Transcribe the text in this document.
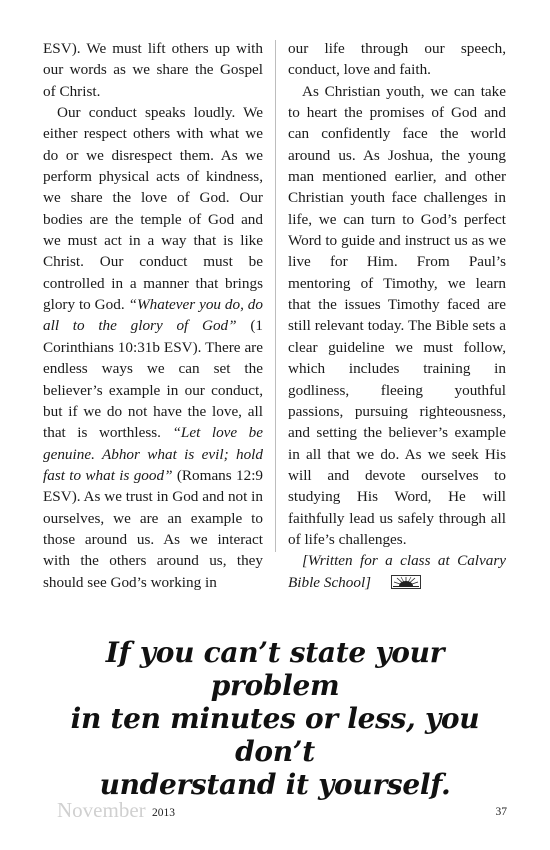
ESV). We must lift others up with our words as we share the Gospel of Christ.

Our conduct speaks loudly. We either respect others with what we do or we disrespect them. As we perform physical acts of kindness, we share the love of God. Our bodies are the temple of God and we must act in a way that is like Christ. Our conduct must be controlled in a manner that brings glory to God. “Whatever you do, do all to the glory of God” (1 Corinthians 10:31b ESV). There are endless ways we can set the believer’s example in our conduct, but if we do not have the love, all that is worthless. “Let love be genuine. Abhor what is evil; hold fast to what is good” (Romans 12:9 ESV). As we trust in God and not in ourselves, we are an example to those around us. As we interact with the others around us, they should see God’s working in

our life through our speech, conduct, love and faith.

As Christian youth, we can take to heart the promises of God and can confidently face the world around us. As Joshua, the young man mentioned earlier, and other Christian youth face challenges in life, we can turn to God’s perfect Word to guide and instruct us as we live for Him. From Paul’s mentoring of Timothy, we learn that the issues Timothy faced are still relevant today. The Bible sets a clear guideline we must follow, which includes training in godliness, fleeing youthful passions, pursuing righteousness, and setting the believer’s example in all that we do. As we seek His will and devote ourselves to studying His Word, He will faithfully lead us safely through all of life’s challenges.

[Written for a class at Calvary Bible School]

If you can’t state your problem
in ten minutes or less, you don’t
understand it yourself.
November 2013	37
